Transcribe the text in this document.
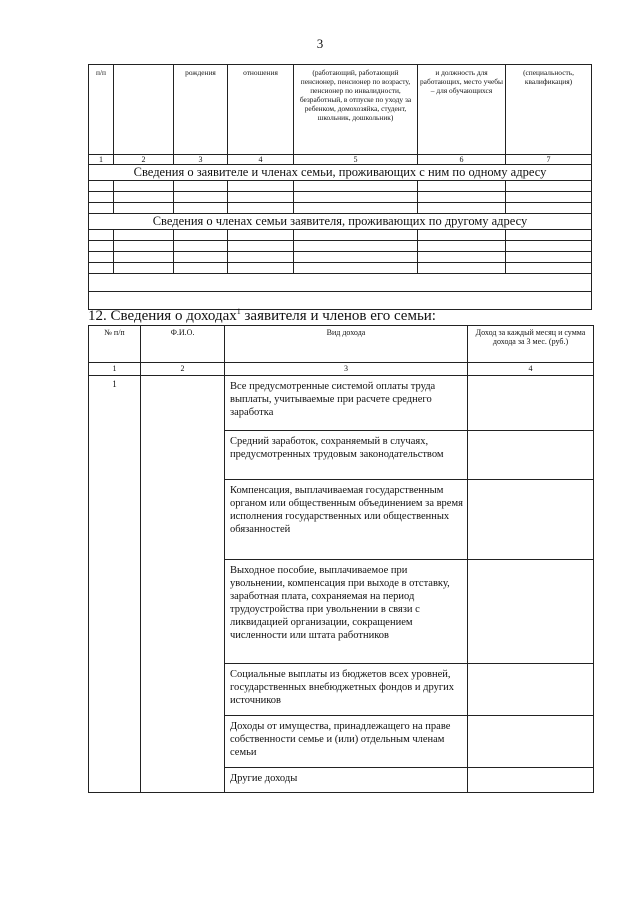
3
п/п		рождения	отношения	(работающий, работающий пенсионер, пенсионер по возрасту, пенсионер по инвалидности, безработный, в отпуске по уходу за ребенком, домохозяйка, студент, школьник, дошкольник)	и должность для работающих, место учебы – для обучающихся	(специальность, квалификация)
1	2	3	4	5	6	7
Сведения о заявителе и членах семьи, проживающих с ним по одному адресу						

Сведения о членах семьи заявителя, проживающих по другому адресу						

12. Сведения о доходах$^1$ заявителя и членов его семьи:
№ п/п	Ф.И.О.	Вид дохода	Доход за каждый месяц и сумма дохода за 3 мес. (руб.)
1	2	3	4
1		Все предусмотренные системой оплаты труда выплаты, учитываемые при расчете среднего заработка	
		Средний заработок, сохраняемый в случаях, предусмотренных трудовым законодательством	
		Компенсация, выплачиваемая государственным органом или общественным объединением за время исполнения государственных или общественных обязанностей	
		Выходное пособие, выплачиваемое при увольнении, компенсация при выходе в отставку, заработная плата, сохраняемая на период трудоустройства при увольнении в связи с ликвидацией организации, сокращением численности или штата работников	
		Социальные выплаты из бюджетов всех уровней, государственных внебюджетных фондов и других источников	
		Доходы от имущества, принадлежащего на праве собственности семье и (или) отдельным членам семьи	
		Другие доходы	
